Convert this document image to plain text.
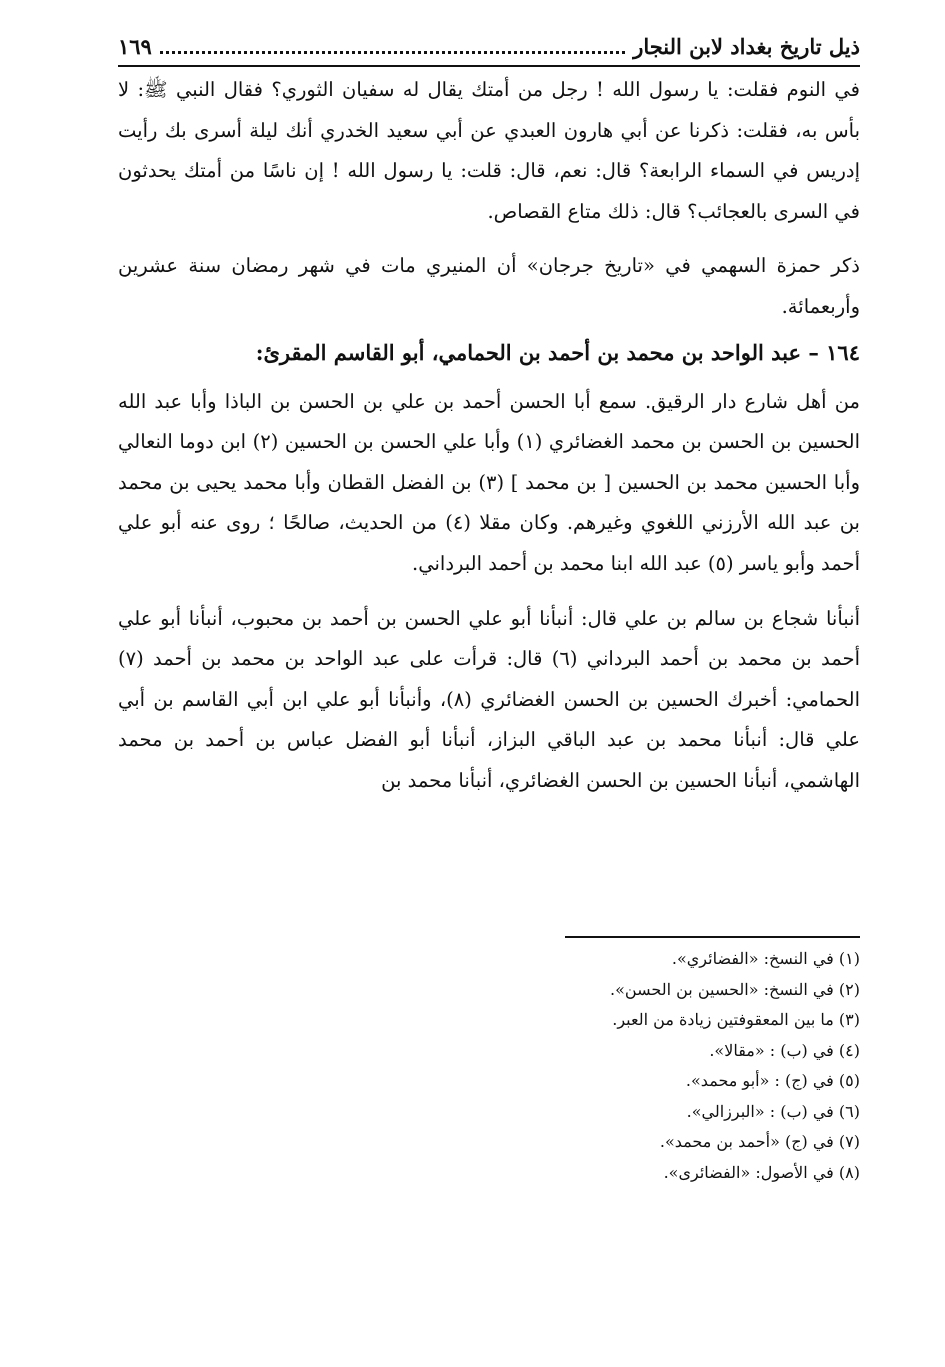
ذيل تاريخ بغداد لابن النجار
١٦٩

في النوم فقلت: يا رسول الله ! رجل من أمتك يقال له سفيان الثوري؟ فقال النبي ﷺ: لا بأس به، فقلت: ذكرنا عن أبي هارون العبدي عن أبي سعيد الخدري أنك ليلة أسرى بك رأيت إدريس في السماء الرابعة؟ قال: نعم، قال: قلت: يا رسول الله ! إن ناسًا من أمتك يحدثون في السرى بالعجائب؟ قال: ذلك متاع القصاص.

ذكر حمزة السهمي في «تاريخ جرجان» أن المنيري مات في شهر رمضان سنة عشرين وأربعمائة.

١٦٤ – عبد الواحد بن محمد بن أحمد بن الحمامي، أبو القاسم المقرئ:

من أهل شارع دار الرقيق. سمع أبا الحسن أحمد بن علي بن الحسن بن الباذا وأبا عبد الله الحسين بن الحسن بن محمد الغضائري (١) وأبا علي الحسن بن الحسين (٢) ابن دوما النعالي وأبا الحسين محمد بن الحسين [ بن محمد ] (٣) بن الفضل القطان وأبا محمد يحيى بن محمد بن عبد الله الأرزني اللغوي وغيرهم. وكان مقلا (٤) من الحديث، صالحًا ؛ روى عنه أبو علي أحمد وأبو ياسر (٥) عبد الله ابنا محمد بن أحمد البرداني.

أنبأنا شجاع بن سالم بن علي قال: أنبأنا أبو علي الحسن بن أحمد بن محبوب، أنبأنا أبو علي أحمد بن محمد بن أحمد البرداني (٦) قال: قرأت على عبد الواحد بن محمد بن أحمد (٧) الحمامي: أخبرك الحسين بن الحسن الغضائري (٨)، وأنبأنا أبو علي ابن أبي القاسم بن أبي علي قال: أنبأنا محمد بن عبد الباقي البزاز، أنبأنا أبو الفضل عباس بن أحمد بن محمد الهاشمي، أنبأنا الحسين بن الحسن الغضائري، أنبأنا محمد بن

(١) في النسخ: «الفضائري».
(٢) في النسخ: «الحسين بن الحسن».
(٣) ما بين المعقوفتين زيادة من العبر.
(٤) في (ب) : «مقالا».
(٥) في (ج) : «أبو محمد».
(٦) في (ب) : «البرزالي».
(٧) في (ج) «أحمد بن محمد».
(٨) في الأصول: «الفضائرى».
